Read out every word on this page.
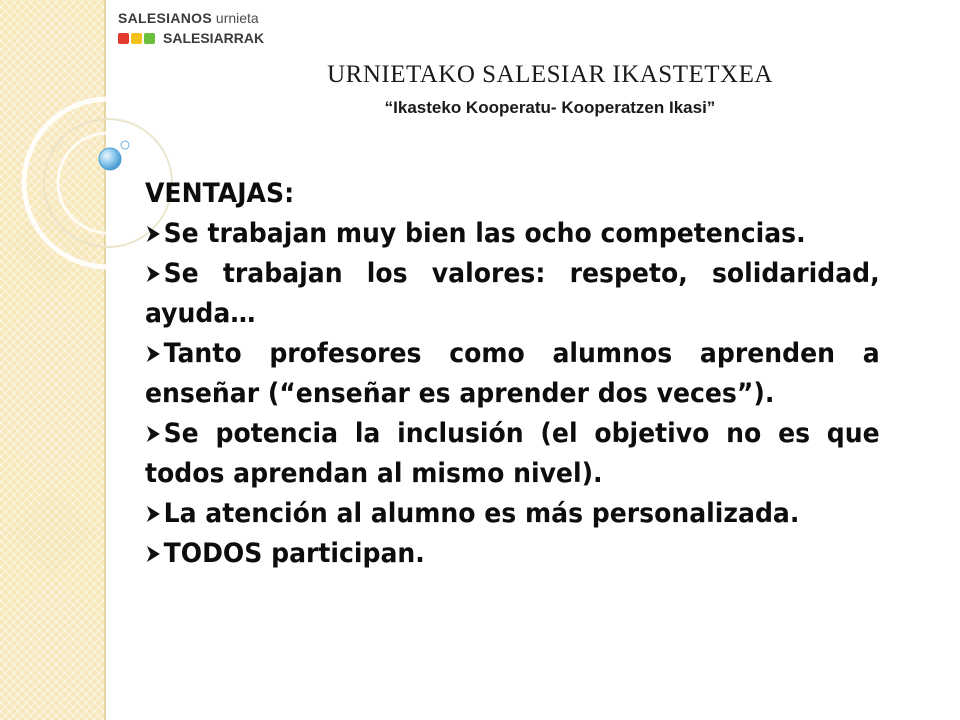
SALESIANOS urnieta
SALESIARRAK
URNIETAKO SALESIAR IKASTETXEA
“Ikasteko Kooperatu- Kooperatzen Ikasi”
VENTAJAS:
Se trabajan muy bien las ocho competencias.
Se trabajan los valores: respeto, solidaridad, ayuda…
Tanto profesores como alumnos aprenden a enseñar (“enseñar es aprender dos veces”).
Se potencia la inclusión (el objetivo no es que todos aprendan al mismo nivel).
La atención al alumno es más personalizada.
TODOS participan.
